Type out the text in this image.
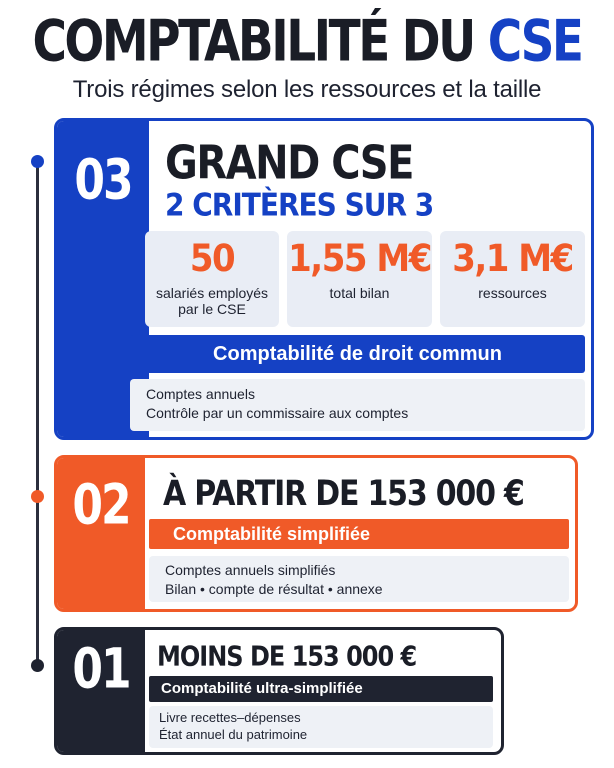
COMPTABILITÉ DU CSE
Trois régimes selon les ressources et la taille
03 GRAND CSE
2 CRITÈRES SUR 3
50
salariés employés
par le CSE
1,55 M€
total bilan
3,1 M€
ressources
Comptabilité de droit commun
Comptes annuels
Contrôle par un commissaire aux comptes
02 À PARTIR DE 153 000 €
Comptabilité simplifiée
Comptes annuels simplifiés
Bilan • compte de résultat • annexe
01 MOINS DE 153 000 €
Comptabilité ultra-simplifiée
Livre recettes–dépenses
État annuel du patrimoine
